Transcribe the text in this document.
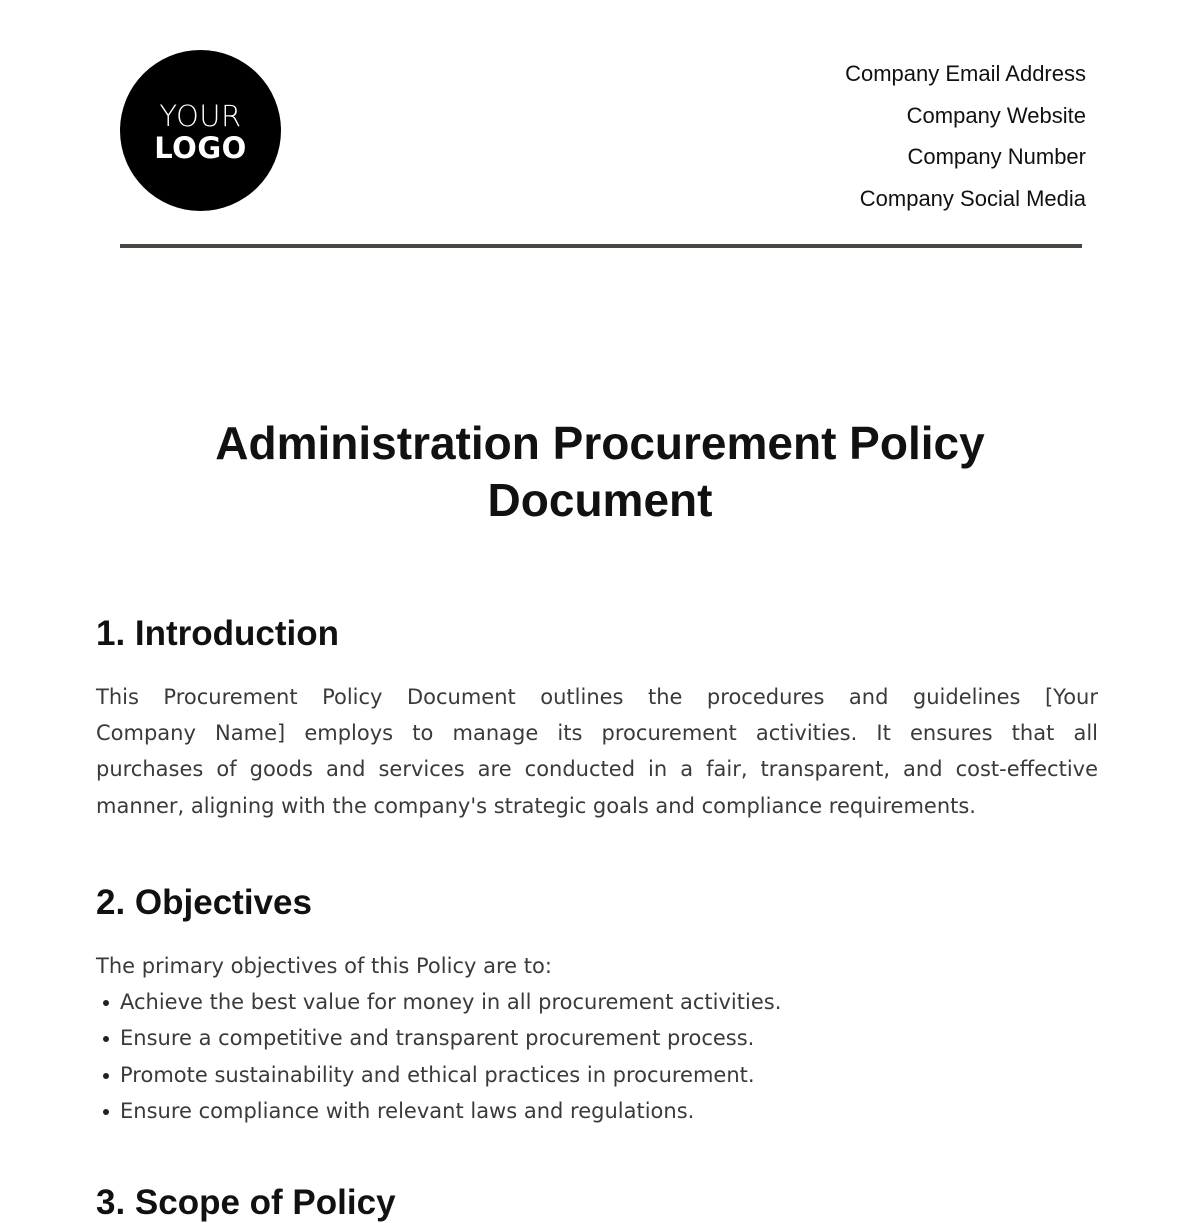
YOUR
LOGO
Company Email Address
Company Website
Company Number
Company Social Media
Administration Procurement Policy
Document
1. Introduction
This Procurement Policy Document outlines the procedures and guidelines [Your
Company Name] employs to manage its procurement activities. It ensures that all
purchases of goods and services are conducted in a fair, transparent, and cost-effective
manner, aligning with the company's strategic goals and compliance requirements.
2. Objectives
The primary objectives of this Policy are to:
Achieve the best value for money in all procurement activities.
Ensure a competitive and transparent procurement process.
Promote sustainability and ethical practices in procurement.
Ensure compliance with relevant laws and regulations.
3. Scope of Policy
